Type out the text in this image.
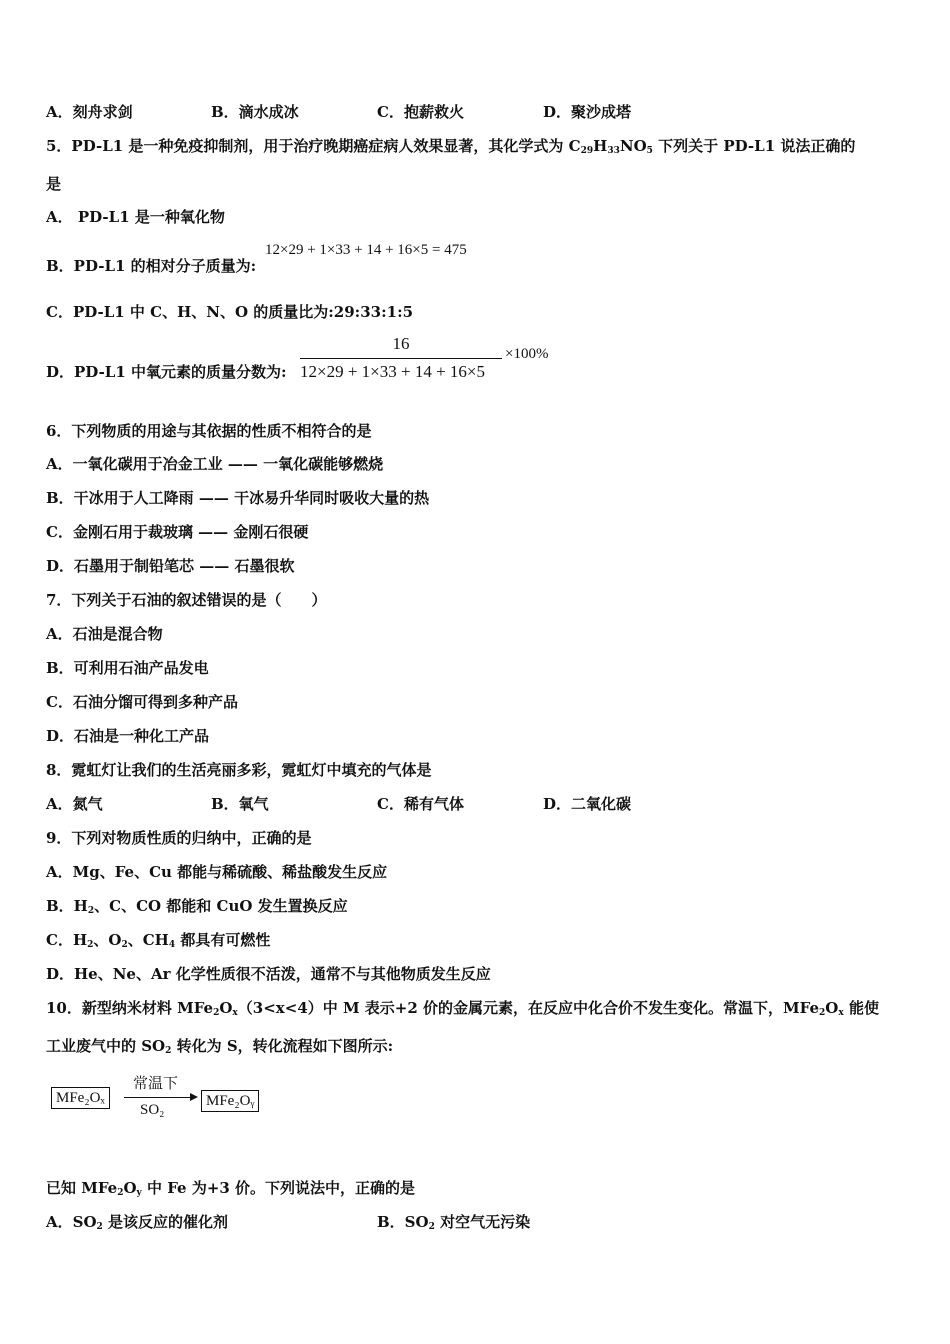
A．刻舟求剑	B．滴水成冰	C．抱薪救火	D．聚沙成塔
5．PD-L1 是一种免疫抑制剂，用于治疗晚期癌症病人效果显著，其化学式为 $C_{29}H_{33}NO_5$ 下列关于 PD-L1 说法正确的
是
A． PD-L1 是一种氧化物
B．PD-L1 的相对分子质量为:
12×29 + 1×33 + 14 + 16×5 = 475
C．PD-L1 中 C、H、N、O 的质量比为:29:33:1:5
D．PD-L1 中氧元素的质量分数为:
16
12×29 + 1×33 + 14 + 16×5
×100%
6．下列物质的用途与其依据的性质不相符合的是
A．一氧化碳用于冶金工业 —— 一氧化碳能够燃烧
B．干冰用于人工降雨 —— 干冰易升华同时吸收大量的热
C．金刚石用于裁玻璃 —— 金刚石很硬
D．石墨用于制铅笔芯 —— 石墨很软
7．下列关于石油的叙述错误的是（　　）
A．石油是混合物
B．可利用石油产品发电
C．石油分馏可得到多种产品
D．石油是一种化工产品
8．霓虹灯让我们的生活亮丽多彩，霓虹灯中填充的气体是
A．氮气	B．氧气	C．稀有气体	D．二氧化碳
9．下列对物质性质的归纳中，正确的是
A．Mg、Fe、Cu 都能与稀硫酸、稀盐酸发生反应
B．$H_2$、C、CO 都能和 CuO 发生置换反应
C．$H_2$、$O_2$、$CH_4$ 都具有可燃性
D．He、Ne、Ar 化学性质很不活泼，通常不与其他物质发生反应
10．新型纳米材料 $MFe_2O_x(3<x<4)$中 M 表示+2 价的金属元素，在反应中化合价不发生变化。常温下，$MFe_2O_x$ 能使
工业废气中的 $SO_2$ 转化为 S，转化流程如下图所示:
MFe₂Oₓ
常温下
SO₂
MFe₂Oᵧ
已知 $MFe_2O_y$ 中 Fe 为+3 价。下列说法中，正确的是
A．$SO_2$ 是该反应的催化剂	B．$SO_2$ 对空气无污染
